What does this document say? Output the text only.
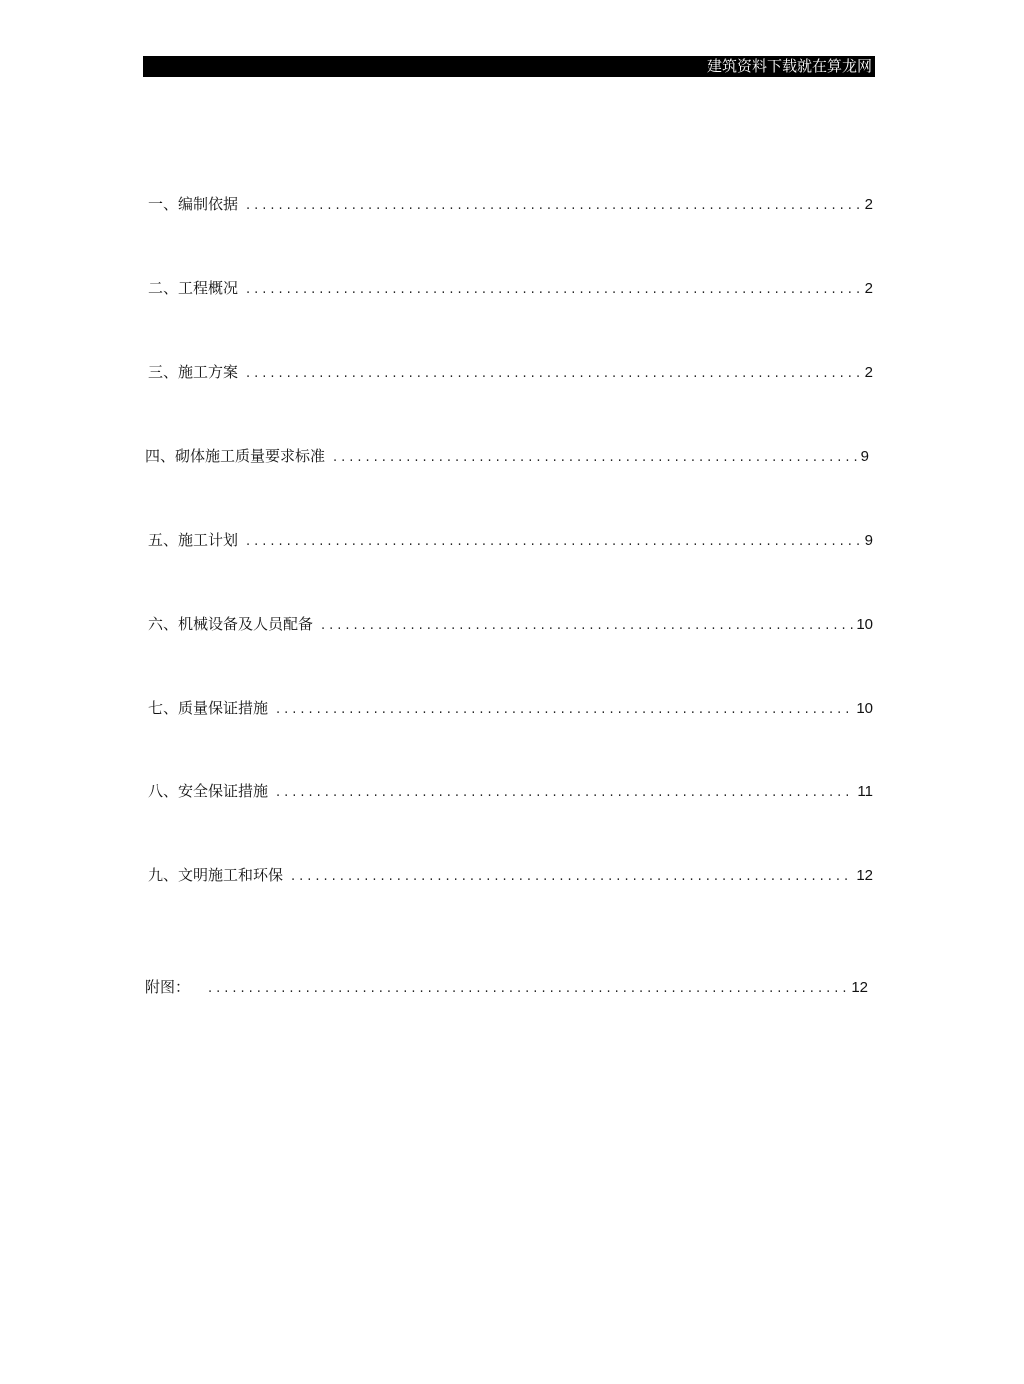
建筑资料下载就在算龙网
一、编制依据 .....	2
二、工程概况 .....	2
三、施工方案 .....	2
四、砌体施工质量要求标准 .....	9
五、施工计划 .....	9
六、机械设备及人员配备 .....	10
七、质量保证措施 .....	10
八、安全保证措施 .....	11
九、文明施工和环保 .....	12
附图： .....	12
